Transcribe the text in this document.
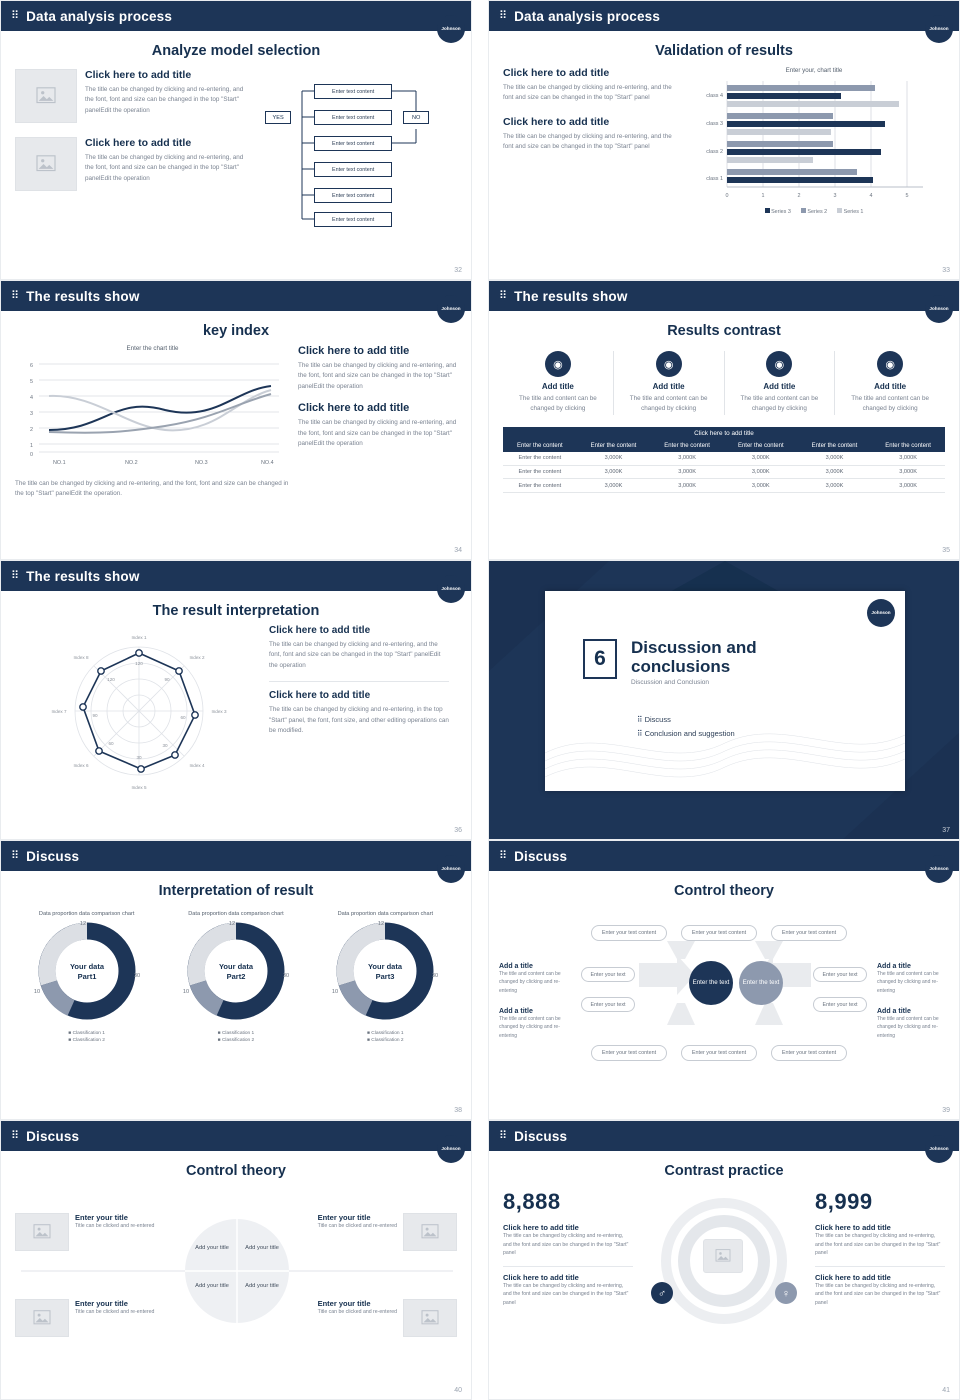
⠿ Data analysis process
Johnson
Analyze model selection
Click here to add title
The title can be changed by clicking and re-entering, and the font, font and size can be changed in the top "Start" panelEdit the operation
Click here to add title
The title can be changed by clicking and re-entering, and the font, font and size can be changed in the top "Start" panelEdit the operation
YES	NO
Enter text content
Enter text content
Enter text content
Enter text content
Enter text content
Enter text content
32
⠿ Data analysis process
Johnson
Validation of results
Click here to add title
The title can be changed by clicking and re-entering, and the font and size can be changed in the top "Start" panel
Click here to add title
The title can be changed by clicking and re-entering, and the font and size can be changed in the top "Start" panel
Enter your, chart title
class 4
class 3
class 2
class 1
0	1	2	3	4	5
Series 3	Series 2	Series 1
33
⠿ The results show
Johnson
key index
Enter the chart title
6
5
4
3
2
1
0
NO.1	NO.2	NO.3	NO.4
The title can be changed by clicking and re-entering, and the font, font and size can be changed in the top "Start" panelEdit the operation.
Click here to add title
The title can be changed by clicking and re-entering, and the font, font and size can be changed in the top "Start" panelEdit the operation
Click here to add title
The title can be changed by clicking and re-entering, and the font, font and size can be changed in the top "Start" panelEdit the operation
34
⠿ The results show
Johnson
Results contrast
◉
Add title
The title and content can be changed by clicking
◉
Add title
The title and content can be changed by clicking
◉
Add title
The title and content can be changed by clicking
◉
Add title
The title and content can be changed by clicking
Click here to add title
Enter the content	Enter the content	Enter the content	Enter the content	Enter the content	Enter the content
Enter the content	3,000K	3,000K	3,000K	3,000K	3,000K
Enter the content	3,000K	3,000K	3,000K	3,000K	3,000K
Enter the content	3,000K	3,000K	3,000K	3,000K	3,000K
35
⠿ The results show
Johnson
The result interpretation
Index 1
Index 2
Index 3
Index 4
Index 5
Index 6
Index 7
Index 8
120
90
60
30
30
60
90
120
Click here to add title
The title can be changed by clicking and re-entering, and the font, font and size can be changed in the top "Start" panelEdit the operation
Click here to add title
The title can be changed by clicking and re-entering, in the top "Start" panel, the font, font size, and other editing operations can be modified.
36
Johnson
6	Discussion and
conclusions
Discussion and Conclusion
⠿ Discuss
⠿ Conclusion and suggestion
37
⠿ Discuss
Johnson
Interpretation of result
Data proportion data comparison chart
Your data
Part1
12
30
10
■ Classification 1
■ Classification 2
Data proportion data comparison chart
Your data
Part2
12
30
10
■ Classification 1
■ Classification 2
Data proportion data comparison chart
Your data
Part3
12
30
10
■ Classification 1
■ Classification 2
38
⠿ Discuss
Johnson
Control theory
Add a title
The title and content can be changed by clicking and re-entering
Add a title
The title and content can be changed by clicking and re-entering
Add a title
The title and content can be changed by clicking and re-entering
Add a title
The title and content can be changed by clicking and re-entering
Enter your text content	Enter your text content	Enter your text content
Enter your text content	Enter your text content	Enter your text content
Enter your text
Enter your text
Enter your text
Enter your text
Enter the text Enter the text
39
⠿ Discuss
Johnson
Control theory
Enter your title
Title can be clicked and re-entered
Enter your title
Title can be clicked and re-entered
Enter your title
Title can be clicked and re-entered
Enter your title
Title can be clicked and re-entered
Add your title	Add your title
Add your title	Add your title
40
⠿ Discuss
Johnson
Contrast practice
8,888
Click here to add title
The title can be changed by clicking and re-entering, and the font and size can be changed in the top "Start" panel
Click here to add title
The title can be changed by clicking and re-entering, and the font and size can be changed in the top "Start" panel
♂	♀
8,999
Click here to add title
The title can be changed by clicking and re-entering, and the font and size can be changed in the top "Start" panel
Click here to add title
The title can be changed by clicking and re-entering, and the font and size can be changed in the top "Start" panel
41
